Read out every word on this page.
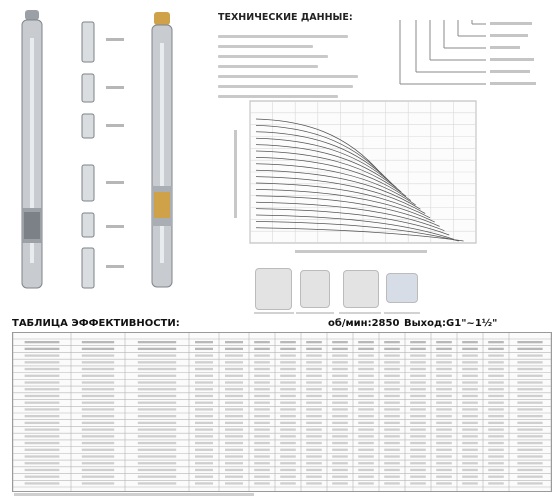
ТЕХНИЧЕСКИЕ ДАННЫЕ:
ТАБЛИЦА ЭФФЕКТИВНОСТИ:	об/мин:2850 Выход:G1"~1½"
